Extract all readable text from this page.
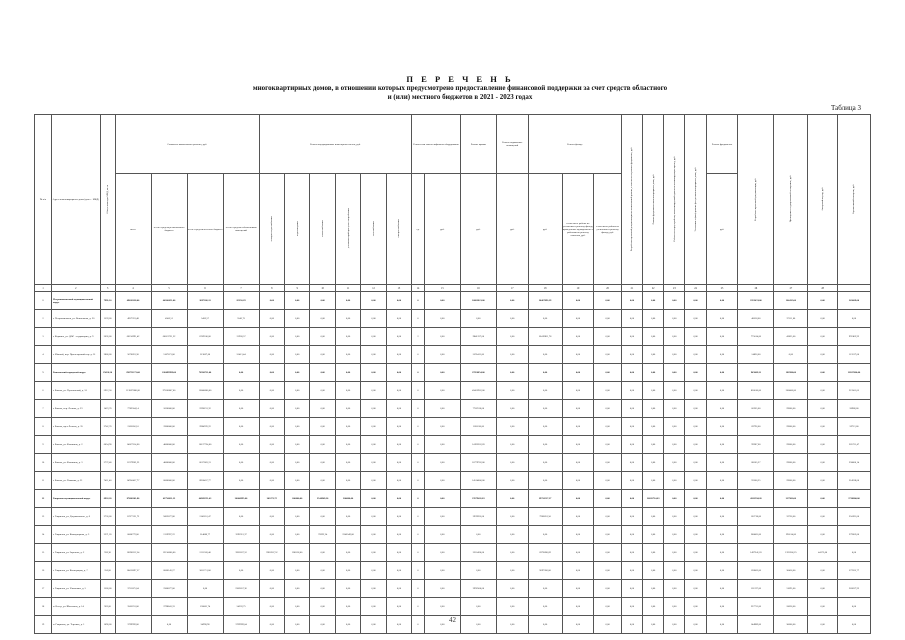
П Е Р Е Ч Е Н Ь
многоквартирных домов, в отношении которых предусмотрено предоставление финансовой поддержки за счет средств областного
и (или) местного бюджетов в 2021 - 2023 годах
Таблица 3
№ п/п	Адрес многоквартирного дома (далее - МКД)	Общая площадь МКД, кв. м	Стоимость капитального ремонта, руб.				Ремонт внутридомовых инженерных систем, руб.						Ремонт или замена лифтового оборудования		Ремонт крыши	Ремонт подвальных помещений	Ремонт фасада			Разработка проектной документации на капитальный ремонт, в том числе на ремонт фундамента, руб.	Ремонт фундамента многоквартирного дома, руб.	Работы по переустройству невентилируемой крыши на вентилируемую крышу, руб.	Утепление и (или) ремонт фасада многоквартирного дома, руб.	Ремонт фундамента	Разработка проектной документации, руб.	Проведение государственной экспертизы, руб.	Авторский надзор, руб.	Строительный контроль, руб.
			всего	за счет средств регионального бюджета	за счет средств местного бюджета	за счет средств собственников помещений	холодное водоснабжение	водоотведение	теплоснабжение	установка приборов учета потребления	газоснабжение	электроснабжение	ед.	руб.	руб.	руб.	руб.	в том числе работы по утеплению и ремонту фасада, проведенных одновременно с работами по ремонту отмостки, руб.	в том числе работы по утеплению и ремонту фасада, руб.					руб.				
1	2	3	4	5	6	7	8	9	10	11	12	13	14	15	16	17	18	19	20	21	22	23	24	25	26	27	28	
1	Петропавловский муниципальный округ	7991,10	49038238,00	44360051,00	3697266,31	85356,29	0,00	0,00	0,00	0,00	0,00	0,00	0	0,00	10863821,00	0,00	30467893,29	0,00	0,00	0,00	0,00	0,00	0,00	0,00	1952474,00	164435,00	0,00	363009,00
2	г. Петропавловск, ул. Вокзальная, д. 20	1559,60	4957591,48	4506,51	5426,57	5543,75	0,00	0,00	0,00	0,00	0,00	0,00	0	0,00	0,00	0,00	0,00	0,00	0,00	0,00	0,00	0,00	0,00	0,00	48558,00	37111,00	0,00	0,00
3	г. Коркино, ул. ДОС - территория, д. 9	3636,00	66150991,42	60021721,32	6709530,60	21938,57	0,00	0,00	0,00	0,00	0,00	0,00	2	0,00	9841227,00	0,00	56419811,78	0,00	0,00	0,00	0,00	0,00	0,00	0,00	775014,00	42825,00	0,00	997462,92
4	г. Южный, пер. Пролетарский пер. д. 51	2800,00	5676091,30	5107071,00	513667,00	55413,44	0,00	0,00	0,00	0,00	0,00	0,00	0	0,00	5595411,00	0,00	0,00	0,00	0,00	0,00	0,00	0,00	0,00	0,00	14820,00	0,00	0,00	113127,00
5	Бакальский городской округ	25056,20	296751173,00	220499999,00	76930711,00	0,00	0,00	0,00	0,00	0,00	0,00	0,00	0	0,00	27856854,00	0,00	0,00	0,00	0,00	0,00	0,00	0,00	0,00	0,00	945809,22	182980,00	0,00	11267860,00
6	г. Бакаль, ул. Пугачевский, д. 55	5912,50	113827880,00	97036807,00	16000000,00	0,00	0,00	0,00	0,00	0,00	0,00	0,00	0	0,00	45063962,00	0,00	0,00	0,00	0,00	0,00	0,00	0,00	0,00	0,00	856010,00	300000,00	0,00	213501,05
7	г. Бакаль, пер. Ленина, д. 23	1423,70	7782504,14	1030000,00	2290231,32	0,00	0,00	0,00	0,00	0,00	0,00	0,00	0	0,00	7707616,00	0,00	0,00	0,00	0,00	0,00	0,00	0,00	0,00	0,00	66265,00	29000,00	0,00	20988,00
8	г. Бакаль, пр-т Ленина, д. 35	2742,70	1365056,10	1900000,00	2984970,22	0,00	0,00	0,00	0,00	0,00	0,00	0,00	0	0,00	1166130,00	0,00	0,00	0,00	0,00	0,00	0,00	0,00	0,00	0,00	69796,00	29000,00	0,00	59713,00
9	г. Бакаль, ул. Калинина, д. 2	6054,90	14027314,60	4000000,00	10127734,00	0,00	0,00	0,00	0,00	0,00	0,00	0,00	0	0,00	14193262,83	0,00	0,00	0,00	0,00	0,00	0,00	0,00	0,00	0,00	99287,00	29000,00	0,00	365721,47
10	г. Бакаль, ул. Калинина, д. 3	3772,40	11379963,23	4000000,00	6617063,13	0,00	0,00	0,00	0,00	0,00	0,00	0,00	0	0,00	10779702,00	0,00	0,00	0,00	0,00	0,00	0,00	0,00	0,00	0,00	88105,27	29000,00	0,00	258000,14
11	г. Бакаль, ул. Ушакова, д. 21	7411,40	14950457,77	6000000,00	8950457,77	0,00	0,00	0,00	0,00	0,00	0,00	0,00	0	0,00	14514000,00	0,00	0,00	0,00	0,00	0,00	0,00	0,00	0,00	0,00	92500,25	29000,00	0,00	314918,00
12	Гаврилов муниципальный округ	6932,20	87080301,80	42750011,13	44969551,43	20600995,00	203272,75	200000,00	3544949,20	200000,00	0,00	0,00	0	0,00	37079411,83	0,00	29716517,27	0,00	0,00	0,00	10032714,63	0,00	0,00	0,00	4181594,20	217902,00	0,00	3716800,00
13	г. Гаврилов, ул. Дзержинского, д. 6	2730,00	11977131,72	9432077,80	1345116,47	0,00	0,00	0,00	0,00	0,00	0,00	0,00	0	0,00	3939925,00	0,00	7966831,50	0,00	0,00	0,00	0,00	0,00	0,00	0,00	162718,00	32720,00	0,00	234191,00
14	г. Гаврилов, ул. Коммунарная, д. 3	2271,20	6000779,00	2119997,22	514086,77	3295911,37	0,00	0,00	78292,24	2246549,00	0,00	0,00	0	0,00	0,00	0,00	0,00	0,00	0,00	0,00	0,00	0,00	0,00	0,00	300065,00	290114,00	0,00	379202,00
15	г. Гаврилов, ул. Заречная, д. 2	926,30	16690312,54	12150000,00	1211520,40	3965207,52	3965207,52	286558,00	0,00	0,00	0,00	0,00	0	0,00	3316420,00	0,00	6976090,09	0,00	0,00	0,00	0,00	0,00	0,00	0,00	1497241,63	1391206,25	44173,00	0,00
16	г. Гаврилов, ул. Кооперации, д. 7	356,60	10432097,57	6606143,27	3051711,00	0,00	0,00	0,00	0,00	0,00	0,00	0,00	0	0,00	0,00	0,00	9697206,00	0,00	0,00	0,00	0,00	0,00	0,00	0,00	128602,00	30450,00	0,00	577025,77
17	г. Гаврилов, ул. Ульяновка, д. 5	1560,00	3751075,04	2300077,00	0,00	2303057,36	0,00	0,00	0,00	0,00	0,00	0,00	0	0,00	2992500,00	0,00	0,00	0,00	0,00	0,00	0,00	0,00	0,00	0,00	151227,00	31695,00	0,00	203637,93
18	п. Ветер, ул. Школьная, д. 14	962,00	3505253,00	2798841,33	136001,74	54359,75	0,00	0,00	0,00	0,00	0,00	0,00	0	0,00	0,00	0,00	0,00	0,00	0,00	0,00	0,00	0,00	0,00	0,00	237731,00	18630,00	0,00	0,00
19	п. Гаврилов, ул. Терешко, д. 1	1090,00	3799999,00	0,00	34998,96	3799999,04	0,00	0,00	0,00	0,00	0,00	0,00	0	0,00	0,00	0,00	0,00	0,00	0,00	0,00	0,00	0,00	0,00	0,00	144989,00	30000,00	0,00	0,00
42
